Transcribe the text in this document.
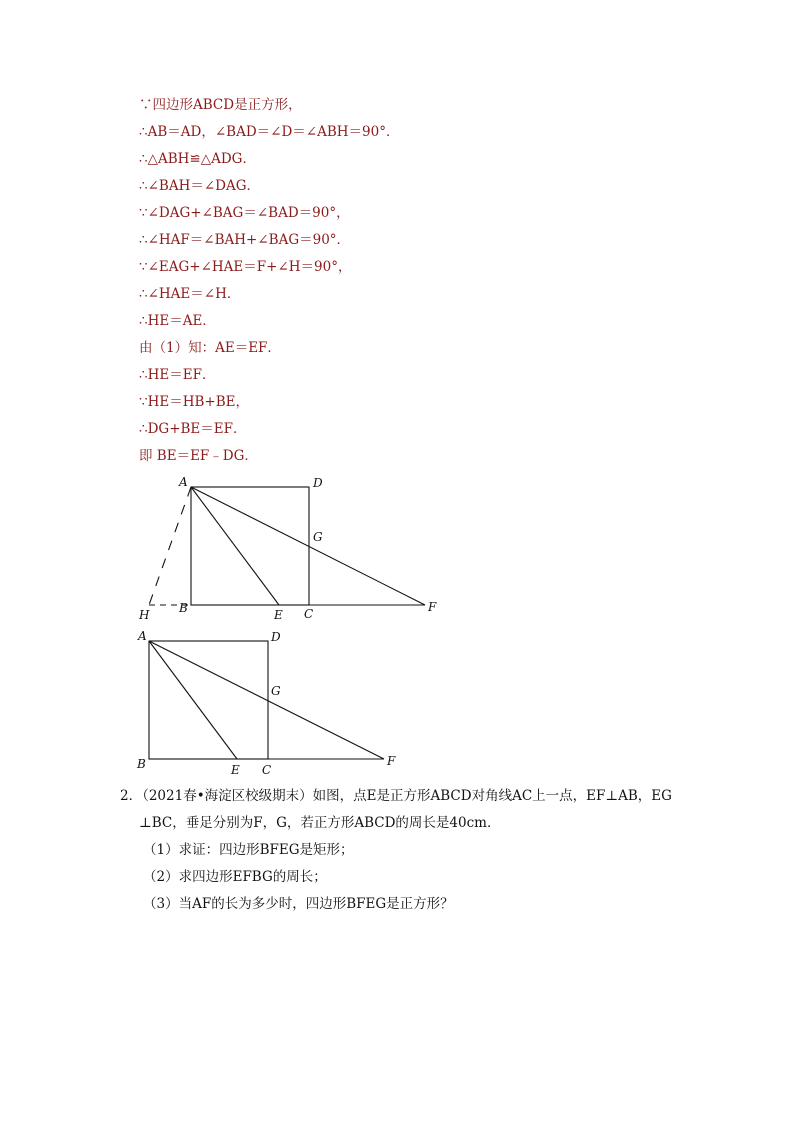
∵四边形ABCD是正方形，
∴AB＝AD，∠BAD＝∠D＝∠ABH＝90°．
∴△ABH≌△ADG．
∴∠BAH＝∠DAG．
∵∠DAG+∠BAG＝∠BAD＝90°，
∴∠HAF＝∠BAH+∠BAG＝90°．
∵∠EAG+∠HAE＝F+∠H＝90°，
∴∠HAE＝∠H．
∴HE＝AE．
由（1）知：AE＝EF．
∴HE＝EF．
∵HE＝HB+BE，
∴DG+BE＝EF．
即 BE＝EF﹣DG．
A	D
G
B
H	E C	F
A	D
G
B	E C
F
2．（2021春•海淀区校级期末）如图，点E是正方形ABCD对角线AC上一点，EF⊥AB，EG
⊥BC，垂足分别为F，G，若正方形ABCD的周长是40cm．
（1）求证：四边形BFEG是矩形；
（2）求四边形EFBG的周长；
（3）当AF的长为多少时，四边形BFEG是正方形？
